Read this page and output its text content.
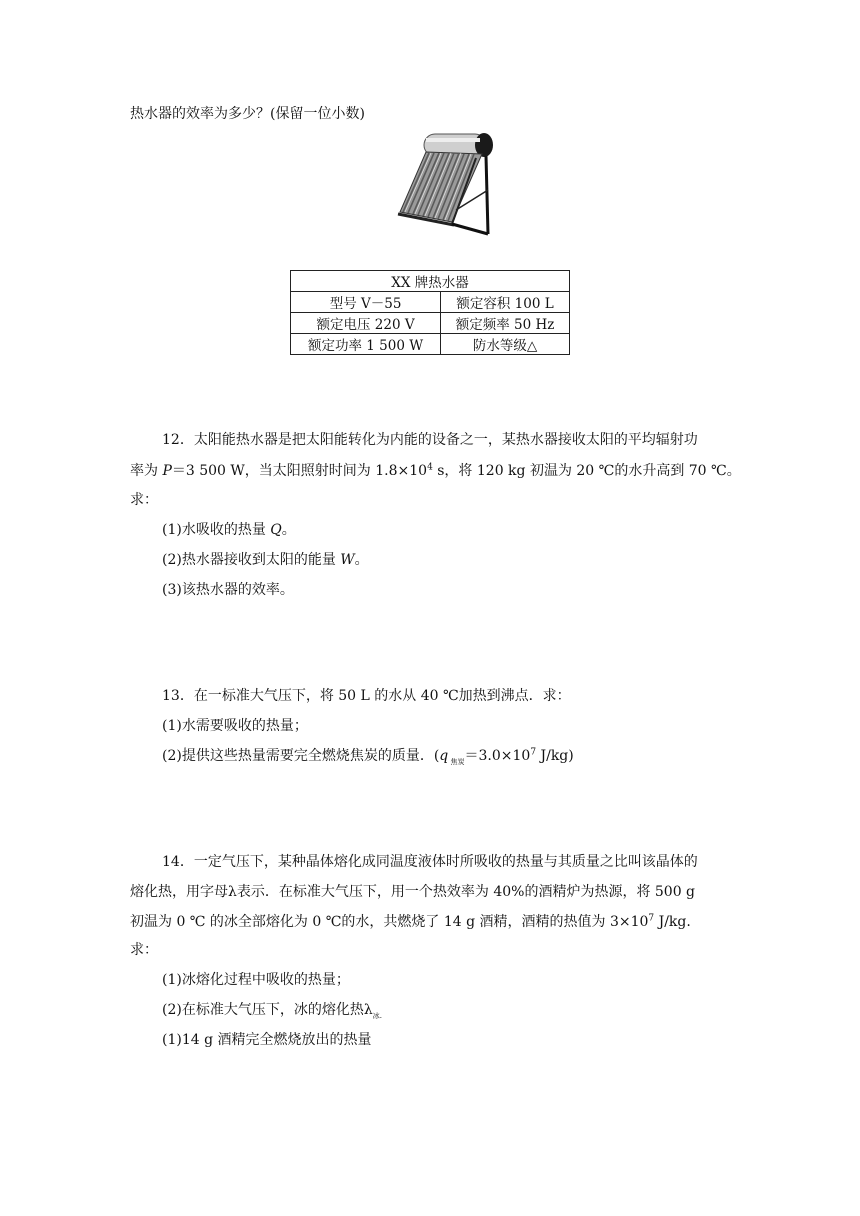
热水器的效率为多少？(保留一位小数)
XX 牌热水器	
型号 V－55	额定容积 100 L
额定电压 220 V	额定频率 50 Hz
额定功率 1 500 W	防水等级△
12．太阳能热水器是把太阳能转化为内能的设备之一，某热水器接收太阳的平均辐射功
率为 P＝3 500 W，当太阳照射时间为 $1.8\times 10^4$ s，将 120 kg 初温为 20 ℃的水升高到 70 ℃。
求：
(1)水吸收的热量 Q。
(2)热水器接收到太阳的能量 W。
(3)该热水器的效率。
13．在一标准大气压下，将 50 L 的水从 40 ℃加热到沸点．求：
(1)水需要吸收的热量；
(2)提供这些热量需要完全燃烧焦炭的质量．(q $_{焦炭}=3.0\times 10^7$ J/kg)
14．一定气压下，某种晶体熔化成同温度液体时所吸收的热量与其质量之比叫该晶体的
熔化热，用字母λ表示．在标准大气压下，用一个热效率为 40%的酒精炉为热源，将 500 g
初温为 0 ℃ 的冰全部熔化为 0 ℃的水，共燃烧了 14 g 酒精，酒精的热值为 $3\times 10^7$ J/kg.
求：
(1)冰熔化过程中吸收的热量；
(2)在标准大气压下，冰的熔化热$\lambda_{冰.}$
(1)14 g 酒精完全燃烧放出的热量
